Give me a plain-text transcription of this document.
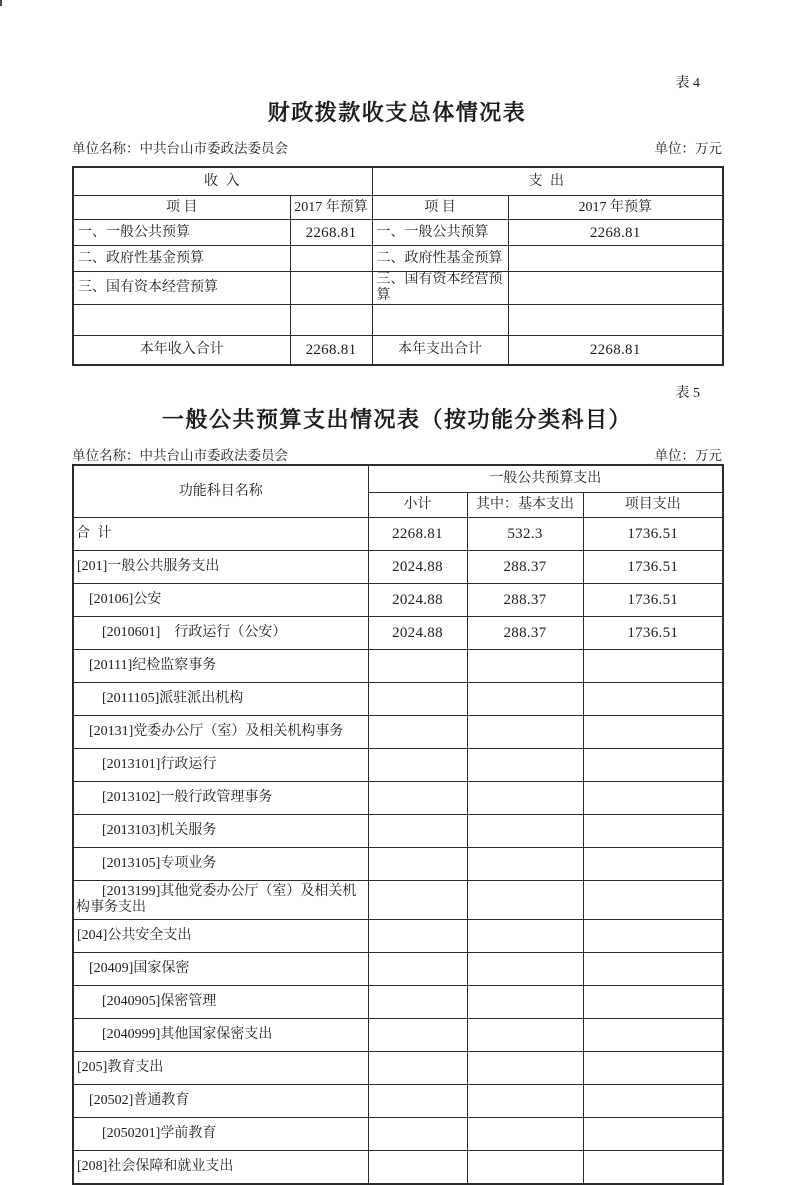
表 4
财政拨款收支总体情况表
单位名称：中共台山市委政法委员会	单位：万元
收 入		支 出	
项 目	2017 年预算	项 目	2017 年预算
一、一般公共预算	2268.81	一、一般公共预算	2268.81
二、政府性基金预算		二、政府性基金预算	
三、国有资本经营预算		三、国有资本经营预算	

本年收入合计	2268.81	本年支出合计	2268.81
表 5
一般公共预算支出情况表（按功能分类科目）
单位名称：中共台山市委政法委员会	单位：万元
功能科目名称	一般公共预算支出		
	小计	其中：基本支出	项目支出
合 计	2268.81	532.3	1736.51
[201]一般公共服务支出	2024.88	288.37	1736.51
[20106]公安	2024.88	288.37	1736.51
[2010601]　行政运行（公安）	2024.88	288.37	1736.51
[20111]纪检监察事务			
[2011105]派驻派出机构			
[20131]党委办公厅（室）及相关机构事务			
[2013101]行政运行			
[2013102]一般行政管理事务			
[2013103]机关服务			
[2013105]专项业务			
[2013199]其他党委办公厅（室）及相关机构事务支出			
[204]公共安全支出			
[20409]国家保密			
[2040905]保密管理			
[2040999]其他国家保密支出			
[205]教育支出			
[20502]普通教育			
[2050201]学前教育			
[208]社会保障和就业支出			
